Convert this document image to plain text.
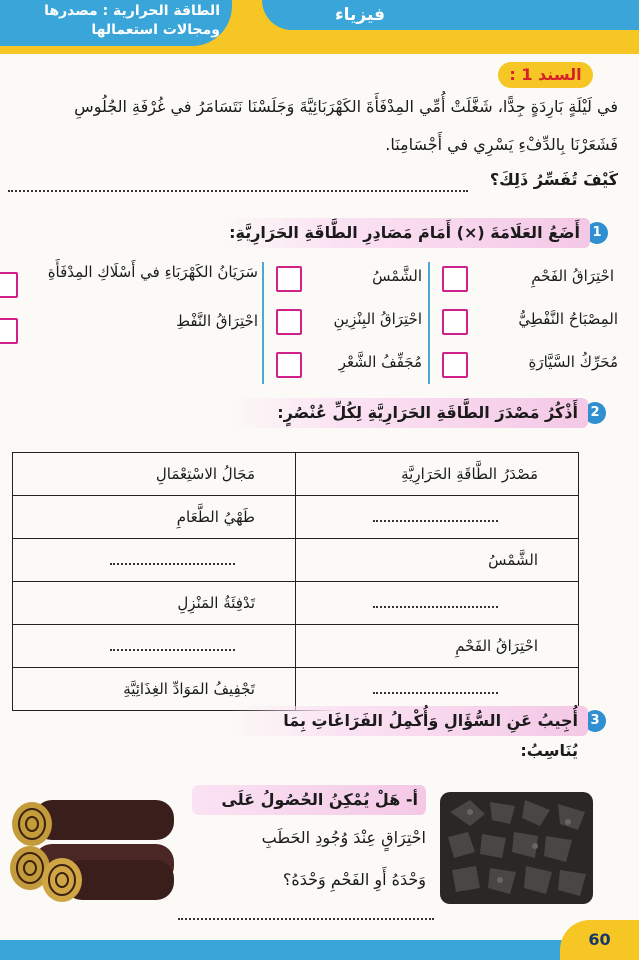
الطاقة الحرارية : مصدرها
ومجالات استعمالها
فيزياء
السند 1 :
في لَيْلَةٍ بَارِدَةٍ جِدًّا، شَغَّلَتْ أُمِّي المِدْفَأَةَ الكَهْرَبَائِيَّةَ وَجَلَسْنَا نَتَسَامَرُ في غُرْفَةِ الجُلُوسِ
فَشَعَرْنَا بِالدِّفْءِ يَسْرِي في أَجْسَامِنَا.
كَيْفَ تُفَسِّرُ ذَلِكَ؟
1
أَضَعُ العَلَامَةَ (×) أَمَامَ مَصَادِرِ الطَّاقَةِ الحَرَارِيَّةِ:
احْتِرَاقُ الفَحْمِ
المِصْبَاحُ النَّفْطِيُّ
مُحَرِّكُ السَّيَّارَةِ
الشَّمْسُ
احْتِرَاقُ البِنْزِينِ
مُجَفِّفُ الشَّعْرِ
سَرَيَانُ الكَهْرَبَاءِ في أَسْلَاكِ المِدْفَأَةِ
احْتِرَاقُ النَّفْطِ
2
أَذْكُرُ مَصْدَرَ الطَّاقَةِ الحَرَارِيَّةِ لِكُلِّ عُنْصُرٍ:
مَصْدَرُ الطَّاقَةِ الحَرَارِيَّةِ	مَجَالُ الاسْتِعْمَالِ
	طَهْيُ الطَّعَامِ
الشَّمْسُ	
	تَدْفِئَةُ المَنْزِلِ
احْتِرَاقُ الفَحْمِ	
	تَجْفِيفُ المَوَادِّ الغِذَائِيَّةِ
3
أُجِيبُ عَنِ السُّؤَالِ وَأُكْمِلُ الفَرَاغَاتِ بِمَا يُنَاسِبُ:
أ- هَلْ يُمْكِنُ الحُصُولُ عَلَى
احْتِرَاقٍ عِنْدَ وُجُودِ الحَطَبِ
وَحْدَهُ أَوِ الفَحْمِ وَحْدَهُ؟
60
